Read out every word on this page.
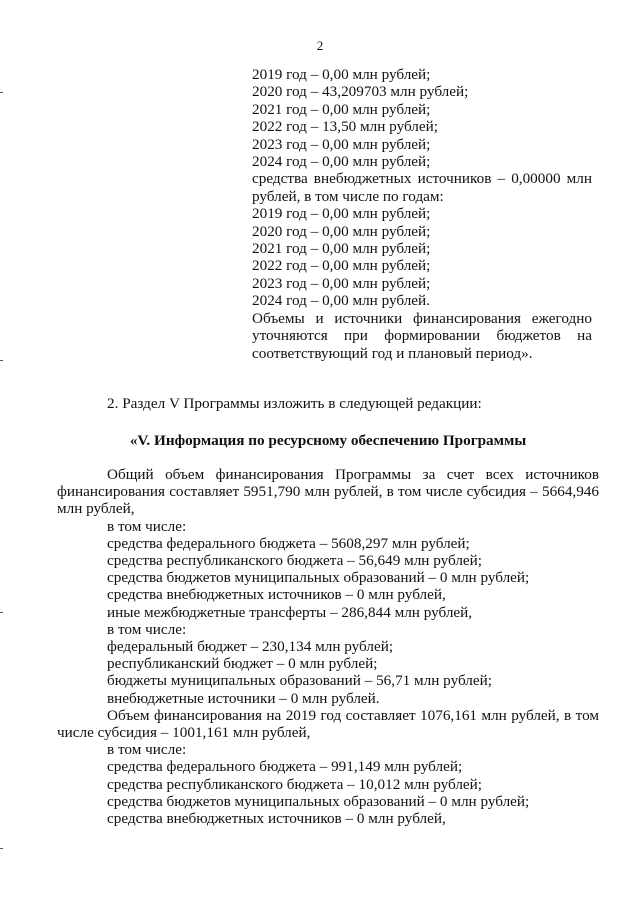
2
2019 год – 0,00 млн рублей;
2020 год – 43,209703 млн рублей;
2021 год – 0,00 млн рублей;
2022 год – 13,50 млн рублей;
2023 год – 0,00 млн рублей;
2024 год – 0,00 млн рублей;
средства внебюджетных источников – 0,00000 млн рублей, в том числе по годам:
2019 год – 0,00 млн рублей;
2020 год – 0,00 млн рублей;
2021 год – 0,00 млн рублей;
2022 год – 0,00 млн рублей;
2023 год – 0,00 млн рублей;
2024 год – 0,00 млн рублей.
Объемы и источники финансирования ежегодно уточняются при формировании бюджетов на соответствующий год и плановый период».
2. Раздел V Программы изложить в следующей редакции:
«V. Информация по ресурсному обеспечению Программы

Общий объем финансирования Программы за счет всех источников финансирования составляет 5951,790 млн рублей, в том числе субсидия – 5664,946 млн рублей,

в том числе:
средства федерального бюджета – 5608,297 млн рублей;
средства республиканского бюджета – 56,649 млн рублей;
средства бюджетов муниципальных образований – 0 млн рублей;
средства внебюджетных источников – 0 млн рублей,
иные межбюджетные трансферты – 286,844 млн рублей,
в том числе:
федеральный бюджет – 230,134 млн рублей;
республиканский бюджет – 0 млн рублей;
бюджеты муниципальных образований – 56,71 млн рублей;
внебюджетные источники – 0 млн рублей.

Объем финансирования на 2019 год составляет 1076,161 млн рублей, в том числе субсидия – 1001,161 млн рублей,

в том числе:
средства федерального бюджета – 991,149 млн рублей;
средства республиканского бюджета – 10,012 млн рублей;
средства бюджетов муниципальных образований – 0 млн рублей;
средства внебюджетных источников – 0 млн рублей,
